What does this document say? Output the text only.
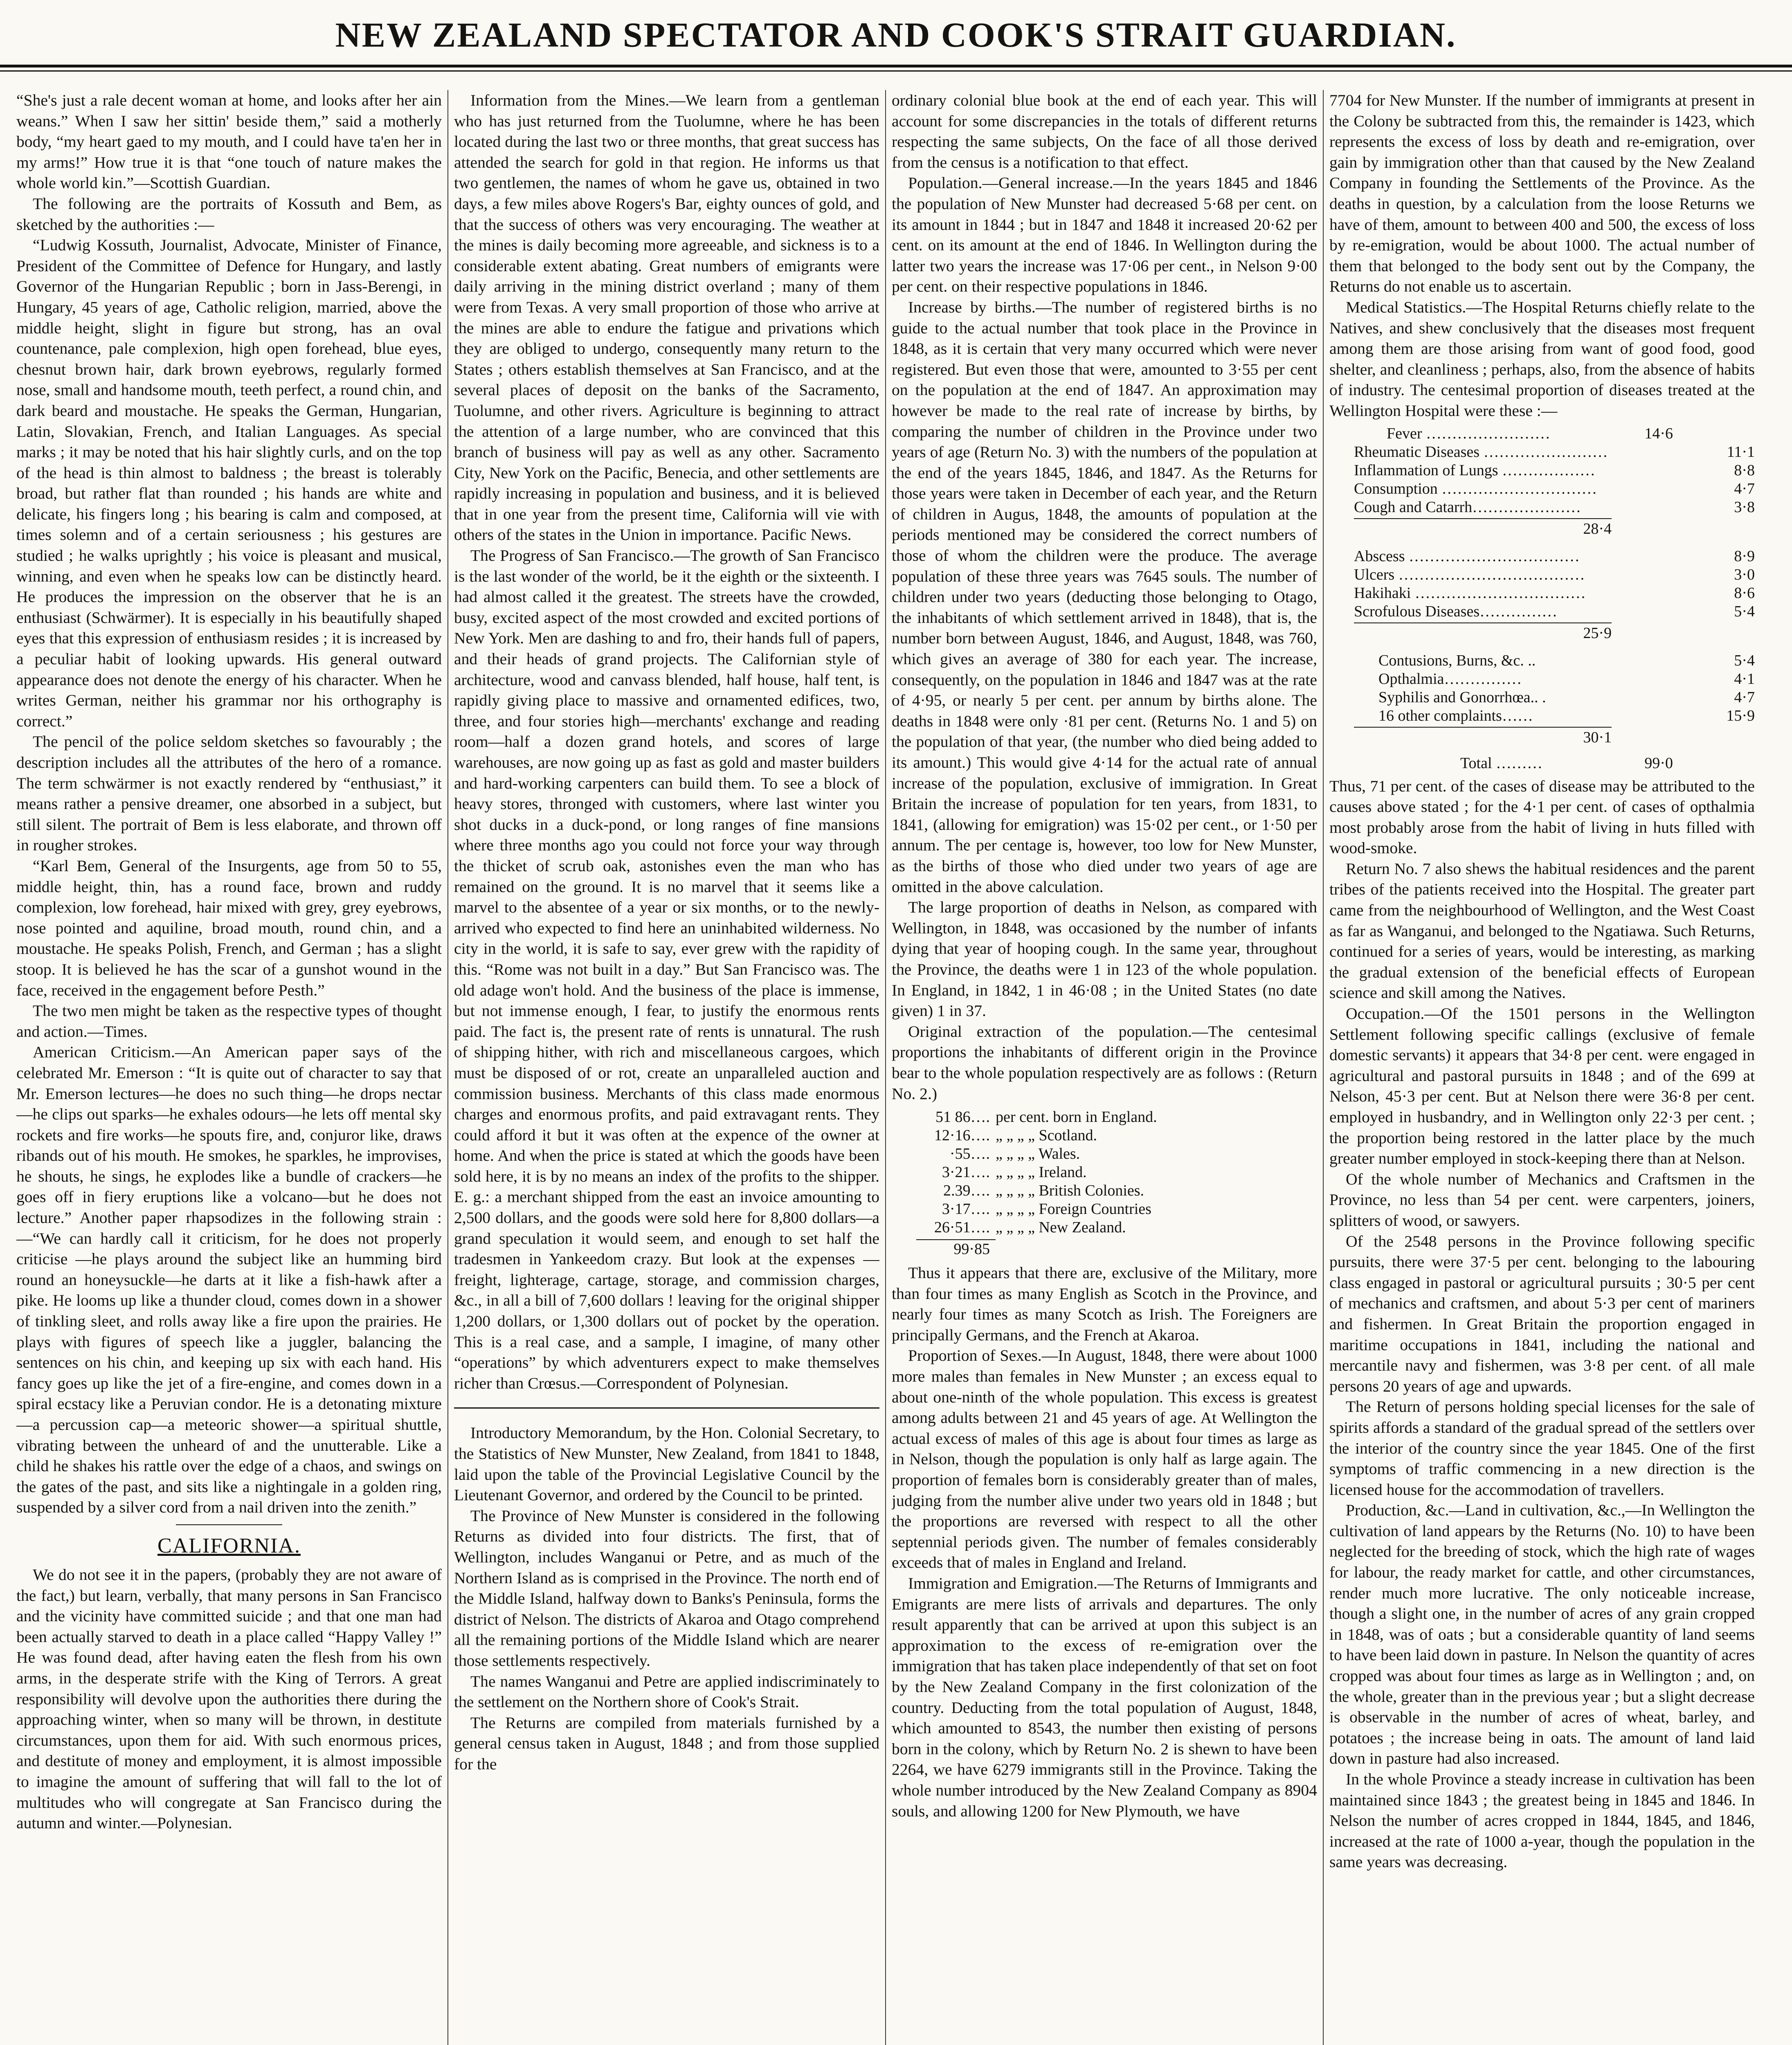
NEW ZEALAND SPECTATOR AND COOK'S STRAIT GUARDIAN.

“She's just a rale decent woman at home, and looks after her ain weans.” When I saw her sittin' beside them,” said a motherly body, “my heart gaed to my mouth, and I could have ta'en her in my arms!” How true it is that “one touch of nature makes the whole world kin.”—Scottish Guardian.

The following are the portraits of Kossuth and Bem, as sketched by the authorities :—

“Ludwig Kossuth, Journalist, Advocate, Minister of Finance, President of the Committee of Defence for Hungary, and lastly Governor of the Hungarian Republic ; born in Jass-Berengi, in Hungary, 45 years of age, Catholic religion, married, above the middle height, slight in figure but strong, has an oval countenance, pale complexion, high open forehead, blue eyes, chesnut brown hair, dark brown eyebrows, regularly formed nose, small and handsome mouth, teeth perfect, a round chin, and dark beard and moustache. He speaks the German, Hungarian, Latin, Slovakian, French, and Italian Languages. As special marks ; it may be noted that his hair slightly curls, and on the top of the head is thin almost to baldness ; the breast is tolerably broad, but rather flat than rounded ; his hands are white and delicate, his fingers long ; his bearing is calm and composed, at times solemn and of a certain seriousness ; his gestures are studied ; he walks uprightly ; his voice is pleasant and musical, winning, and even when he speaks low can be distinctly heard. He produces the impression on the observer that he is an enthusiast (Schwärmer). It is especially in his beautifully shaped eyes that this expression of enthusiasm resides ; it is increased by a peculiar habit of looking upwards. His general outward appearance does not denote the energy of his character. When he writes German, neither his grammar nor his orthography is correct.”

The pencil of the police seldom sketches so favourably ; the description includes all the attributes of the hero of a romance. The term schwärmer is not exactly rendered by “enthusiast,” it means rather a pensive dreamer, one absorbed in a subject, but still silent. The portrait of Bem is less elaborate, and thrown off in rougher strokes.

“Karl Bem, General of the Insurgents, age from 50 to 55, middle height, thin, has a round face, brown and ruddy complexion, low forehead, hair mixed with grey, grey eyebrows, nose pointed and aquiline, broad mouth, round chin, and a moustache. He speaks Polish, French, and German ; has a slight stoop. It is believed he has the scar of a gunshot wound in the face, received in the engagement before Pesth.”

The two men might be taken as the respective types of thought and action.—Times.

American Criticism.—An American paper says of the celebrated Mr. Emerson : “It is quite out of character to say that Mr. Emerson lectures—he does no such thing—he drops nectar—he clips out sparks—he exhales odours—he lets off mental sky rockets and fire works—he spouts fire, and, conjuror like, draws ribands out of his mouth. He smokes, he sparkles, he improvises, he shouts, he sings, he explodes like a bundle of crackers—he goes off in fiery eruptions like a volcano—but he does not lecture.” Another paper rhapsodizes in the following strain :—“We can hardly call it criticism, for he does not properly criticise —he plays around the subject like an humming bird round an honeysuckle—he darts at it like a fish-hawk after a pike. He looms up like a thunder cloud, comes down in a shower of tinkling sleet, and rolls away like a fire upon the prairies. He plays with figures of speech like a juggler, balancing the sentences on his chin, and keeping up six with each hand. His fancy goes up like the jet of a fire-engine, and comes down in a spiral ecstacy like a Peruvian condor. He is a detonating mixture—a percussion cap—a meteoric shower—a spiritual shuttle, vibrating between the unheard of and the unutterable. Like a child he shakes his rattle over the edge of a chaos, and swings on the gates of the past, and sits like a nightingale in a golden ring, suspended by a silver cord from a nail driven into the zenith.”

CALIFORNIA.

We do not see it in the papers, (probably they are not aware of the fact,) but learn, verbally, that many persons in San Francisco and the vicinity have committed suicide ; and that one man had been actually starved to death in a place called “Happy Valley !” He was found dead, after having eaten the flesh from his own arms, in the desperate strife with the King of Terrors. A great responsibility will devolve upon the authorities there during the approaching winter, when so many will be thrown, in destitute circumstances, upon them for aid. With such enormous prices, and destitute of money and employment, it is almost impossible to imagine the amount of suffering that will fall to the lot of multitudes who will congregate at San Francisco during the autumn and winter.—Polynesian.

Information from the Mines.—We learn from a gentleman who has just returned from the Tuolumne, where he has been located during the last two or three months, that great success has attended the search for gold in that region. He informs us that two gentlemen, the names of whom he gave us, obtained in two days, a few miles above Rogers's Bar, eighty ounces of gold, and that the success of others was very encouraging. The weather at the mines is daily becoming more agreeable, and sickness is to a considerable extent abating. Great numbers of emigrants were daily arriving in the mining district overland ; many of them were from Texas. A very small proportion of those who arrive at the mines are able to endure the fatigue and privations which they are obliged to undergo, consequently many return to the States ; others establish themselves at San Francisco, and at the several places of deposit on the banks of the Sacramento, Tuolumne, and other rivers. Agriculture is beginning to attract the attention of a large number, who are convinced that this branch of business will pay as well as any other. Sacramento City, New York on the Pacific, Benecia, and other settlements are rapidly increasing in population and business, and it is believed that in one year from the present time, California will vie with others of the states in the Union in importance. Pacific News.

The Progress of San Francisco.—The growth of San Francisco is the last wonder of the world, be it the eighth or the sixteenth. I had almost called it the greatest. The streets have the crowded, busy, excited aspect of the most crowded and excited portions of New York. Men are dashing to and fro, their hands full of papers, and their heads of grand projects. The Californian style of architecture, wood and canvass blended, half house, half tent, is rapidly giving place to massive and ornamented edifices, two, three, and four stories high—merchants' exchange and reading room—half a dozen grand hotels, and scores of large warehouses, are now going up as fast as gold and master builders and hard-working carpenters can build them. To see a block of heavy stores, thronged with customers, where last winter you shot ducks in a duck-pond, or long ranges of fine mansions where three months ago you could not force your way through the thicket of scrub oak, astonishes even the man who has remained on the ground. It is no marvel that it seems like a marvel to the absentee of a year or six months, or to the newly-arrived who expected to find here an uninhabited wilderness. No city in the world, it is safe to say, ever grew with the rapidity of this. “Rome was not built in a day.” But San Francisco was. The old adage won't hold. And the business of the place is immense, but not immense enough, I fear, to justify the enormous rents paid. The fact is, the present rate of rents is unnatural. The rush of shipping hither, with rich and miscellaneous cargoes, which must be disposed of or rot, create an unparalleled auction and commission business. Merchants of this class made enormous charges and enormous profits, and paid extravagant rents. They could afford it but it was often at the expence of the owner at home. And when the price is stated at which the goods have been sold here, it is by no means an index of the profits to the shipper. E. g.: a merchant shipped from the east an invoice amounting to 2,500 dollars, and the goods were sold here for 8,800 dollars—a grand speculation it would seem, and enough to set half the tradesmen in Yankeedom crazy. But look at the expenses —freight, lighterage, cartage, storage, and commission charges, &c., in all a bill of 7,600 dollars ! leaving for the original shipper 1,200 dollars, or 1,300 dollars out of pocket by the operation. This is a real case, and a sample, I imagine, of many other “operations” by which adventurers expect to make themselves richer than Crœsus.—Correspondent of Polynesian.

Introductory Memorandum, by the Hon. Colonial Secretary, to the Statistics of New Munster, New Zealand, from 1841 to 1848, laid upon the table of the Provincial Legislative Council by the Lieutenant Governor, and ordered by the Council to be printed.

The Province of New Munster is considered in the following Returns as divided into four districts. The first, that of Wellington, includes Wanganui or Petre, and as much of the Northern Island as is comprised in the Province. The north end of the Middle Island, halfway down to Banks's Peninsula, forms the district of Nelson. The districts of Akaroa and Otago comprehend all the remaining portions of the Middle Island which are nearer those settlements respectively.

The names Wanganui and Petre are applied indiscriminately to the settlement on the Northern shore of Cook's Strait.

The Returns are compiled from materials furnished by a general census taken in August, 1848 ; and from those supplied for the

ordinary colonial blue book at the end of each year. This will account for some discrepancies in the totals of different returns respecting the same subjects, On the face of all those derived from the census is a notification to that effect.

Population.—General increase.—In the years 1845 and 1846 the population of New Munster had decreased 5·68 per cent. on its amount in 1844 ; but in 1847 and 1848 it increased 20·62 per cent. on its amount at the end of 1846. In Wellington during the latter two years the increase was 17·06 per cent., in Nelson 9·00 per cent. on their respective populations in 1846.

Increase by births.—The number of registered births is no guide to the actual number that took place in the Province in 1848, as it is certain that very many occurred which were never registered. But even those that were, amounted to 3·55 per cent on the population at the end of 1847. An approximation may however be made to the real rate of increase by births, by comparing the number of children in the Province under two years of age (Return No. 3) with the numbers of the population at the end of the years 1845, 1846, and 1847. As the Returns for those years were taken in December of each year, and the Return of children in Augus, 1848, the amounts of population at the periods mentioned may be considered the correct numbers of those of whom the children were the produce. The average population of these three years was 7645 souls. The number of children under two years (deducting those belonging to Otago, the inhabitants of which settlement arrived in 1848), that is, the number born between August, 1846, and August, 1848, was 760, which gives an average of 380 for each year. The increase, consequently, on the population in 1846 and 1847 was at the rate of 4·95, or nearly 5 per cent. per annum by births alone. The deaths in 1848 were only ·81 per cent. (Returns No. 1 and 5) on the population of that year, (the number who died being added to its amount.) This would give 4·14 for the actual rate of annual increase of the population, exclusive of immigration. In Great Britain the increase of population for ten years, from 1831, to 1841, (allowing for emigration) was 15·02 per cent., or 1·50 per annum. The per centage is, however, too low for New Munster, as the births of those who died under two years of age are omitted in the above calculation.

The large proportion of deaths in Nelson, as compared with Wellington, in 1848, was occasioned by the number of infants dying that year of hooping cough. In the same year, throughout the Province, the deaths were 1 in 123 of the whole population. In England, in 1842, 1 in 46·08 ; in the United States (no date given) 1 in 37.

Original extraction of the population.—The centesimal proportions the inhabitants of different origin in the Province bear to the whole population respectively are as follows : (Return No. 2.)

51 86…. per cent. born in England.
12·16…. „ „ „ „ Scotland.
·55…. „ „ „ „ Wales.
3·21…. „ „ „ „ Ireland.
2.39…. „ „ „ „ British Colonies.
3·17…. „ „ „ „ Foreign Countries
26·51…. „ „ „ „ New Zealand.
99·85

Thus it appears that there are, exclusive of the Military, more than four times as many English as Scotch in the Province, and nearly four times as many Scotch as Irish. The Foreigners are principally Germans, and the French at Akaroa.

Proportion of Sexes.—In August, 1848, there were about 1000 more males than females in New Munster ; an excess equal to about one-ninth of the whole population. This excess is greatest among adults between 21 and 45 years of age. At Wellington the actual excess of males of this age is about four times as large as in Nelson, though the population is only half as large again. The proportion of females born is considerably greater than of males, judging from the number alive under two years old in 1848 ; but the proportions are reversed with respect to all the other septennial periods given. The number of females considerably exceeds that of males in England and Ireland.

Immigration and Emigration.—The Returns of Immigrants and Emigrants are mere lists of arrivals and departures. The only result apparently that can be arrived at upon this subject is an approximation to the excess of re-emigration over the immigration that has taken place independently of that set on foot by the New Zealand Company in the first colonization of the country. Deducting from the total population of August, 1848, which amounted to 8543, the number then existing of persons born in the colony, which by Return No. 2 is shewn to have been 2264, we have 6279 immigrants still in the Province. Taking the whole number introduced by the New Zealand Company as 8904 souls, and allowing 1200 for New Plymouth, we have

7704 for New Munster. If the number of immigrants at present in the Colony be subtracted from this, the remainder is 1423, which represents the excess of loss by death and re-emigration, over gain by immigration other than that caused by the New Zealand Company in founding the Settlements of the Province. As the deaths in question, by a calculation from the loose Returns we have of them, amount to between 400 and 500, the excess of loss by re-emigration, would be about 1000. The actual number of them that belonged to the body sent out by the Company, the Returns do not enable us to ascertain.

Medical Statistics.—The Hospital Returns chiefly relate to the Natives, and shew conclusively that the diseases most frequent among them are those arising from want of good food, good shelter, and cleanliness ; perhaps, also, from the absence of habits of industry. The centesimal proportion of diseases treated at the Wellington Hospital were these :—

Fever ……………………	14·6
Rheumatic Diseases ……………………	11·1
Inflammation of Lungs ………………	8·8
Consumption …………………………	4·7
Cough and Catarrh…………………	3·8
28·4
Abscess ……………………………	8·9
Ulcers ………………………………	3·0
Hakihaki ……………………………	8·6
Scrofulous Diseases……………	5·4
25·9
Contusions, Burns, &c. ..	5·4
Opthalmia……………	4·1
Syphilis and Gonorrhœa.. .	4·7
16 other complaints……	15·9
30·1
Total ………	99·0

Thus, 71 per cent. of the cases of disease may be attributed to the causes above stated ; for the 4·1 per cent. of cases of opthalmia most probably arose from the habit of living in huts filled with wood-smoke.

Return No. 7 also shews the habitual residences and the parent tribes of the patients received into the Hospital. The greater part came from the neighbourhood of Wellington, and the West Coast as far as Wanganui, and belonged to the Ngatiawa. Such Returns, continued for a series of years, would be interesting, as marking the gradual extension of the beneficial effects of European science and skill among the Natives.

Occupation.—Of the 1501 persons in the Wellington Settlement following specific callings (exclusive of female domestic servants) it appears that 34·8 per cent. were engaged in agricultural and pastoral pursuits in 1848 ; and of the 699 at Nelson, 45·3 per cent. But at Nelson there were 36·8 per cent. employed in husbandry, and in Wellington only 22·3 per cent. ; the proportion being restored in the latter place by the much greater number employed in stock-keeping there than at Nelson.

Of the whole number of Mechanics and Craftsmen in the Province, no less than 54 per cent. were carpenters, joiners, splitters of wood, or sawyers.

Of the 2548 persons in the Province following specific pursuits, there were 37·5 per cent. belonging to the labouring class engaged in pastoral or agricultural pursuits ; 30·5 per cent of mechanics and craftsmen, and about 5·3 per cent of mariners and fishermen. In Great Britain the proportion engaged in maritime occupations in 1841, including the national and mercantile navy and fishermen, was 3·8 per cent. of all male persons 20 years of age and upwards.

The Return of persons holding special licenses for the sale of spirits affords a standard of the gradual spread of the settlers over the interior of the country since the year 1845. One of the first symptoms of traffic commencing in a new direction is the licensed house for the accommodation of travellers.

Production, &c.—Land in cultivation, &c.,—In Wellington the cultivation of land appears by the Returns (No. 10) to have been neglected for the breeding of stock, which the high rate of wages for labour, the ready market for cattle, and other circumstances, render much more lucrative. The only noticeable increase, though a slight one, in the number of acres of any grain cropped in 1848, was of oats ; but a considerable quantity of land seems to have been laid down in pasture. In Nelson the quantity of acres cropped was about four times as large as in Wellington ; and, on the whole, greater than in the previous year ; but a slight decrease is observable in the number of acres of wheat, barley, and potatoes ; the increase being in oats. The amount of land laid down in pasture had also increased.

In the whole Province a steady increase in cultivation has been maintained since 1843 ; the greatest being in 1845 and 1846. In Nelson the number of acres cropped in 1844, 1845, and 1846, increased at the rate of 1000 a-year, though the population in the same years was decreasing.
